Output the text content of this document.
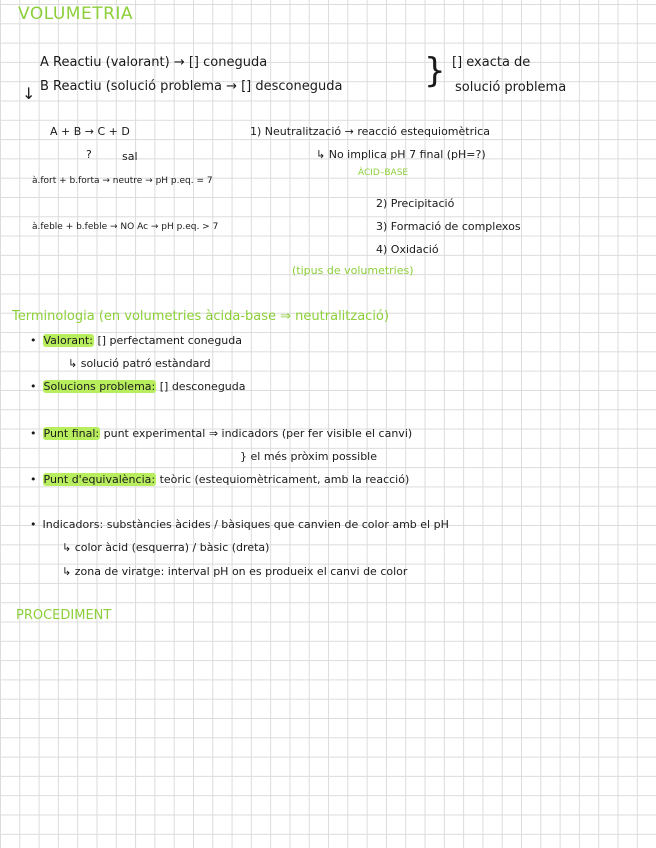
VOLUMETRIA
A Reactiu (valorant) → [] coneguda
B Reactiu (solució problema → [] desconeguda
↓
} [] exacta de
solució problema
A + B → C + D
?	sal
à.fort + b.forta → neutre → pH p.eq. = 7
à.feble + b.feble → NO Ac → pH p.eq. > 7
1) Neutralització → reacció estequiomètrica
↳ No implica pH 7 final (pH=?)
ÀCID–BASE
2) Precipitació
3) Formació de complexos
4) Oxidació
(tipus de volumetries)
Terminologia (en volumetries àcida-base ⇒ neutralització)
• Valorant: [] perfectament coneguda
↳ solució patró estàndard
• Solucions problema: [] desconeguda
• Punt final: punt experimental ⇒ indicadors (per fer visible el canvi)
} el més pròxim possible
• Punt d'equivalència: teòric (estequiomètricament, amb la reacció)
• Indicadors: substàncies àcides / bàsiques que canvien de color amb el pH
↳ color àcid (esquerra) / bàsic (dreta)
↳ zona de viratge: interval pH on es produeix el canvi de color
PROCEDIMENT
